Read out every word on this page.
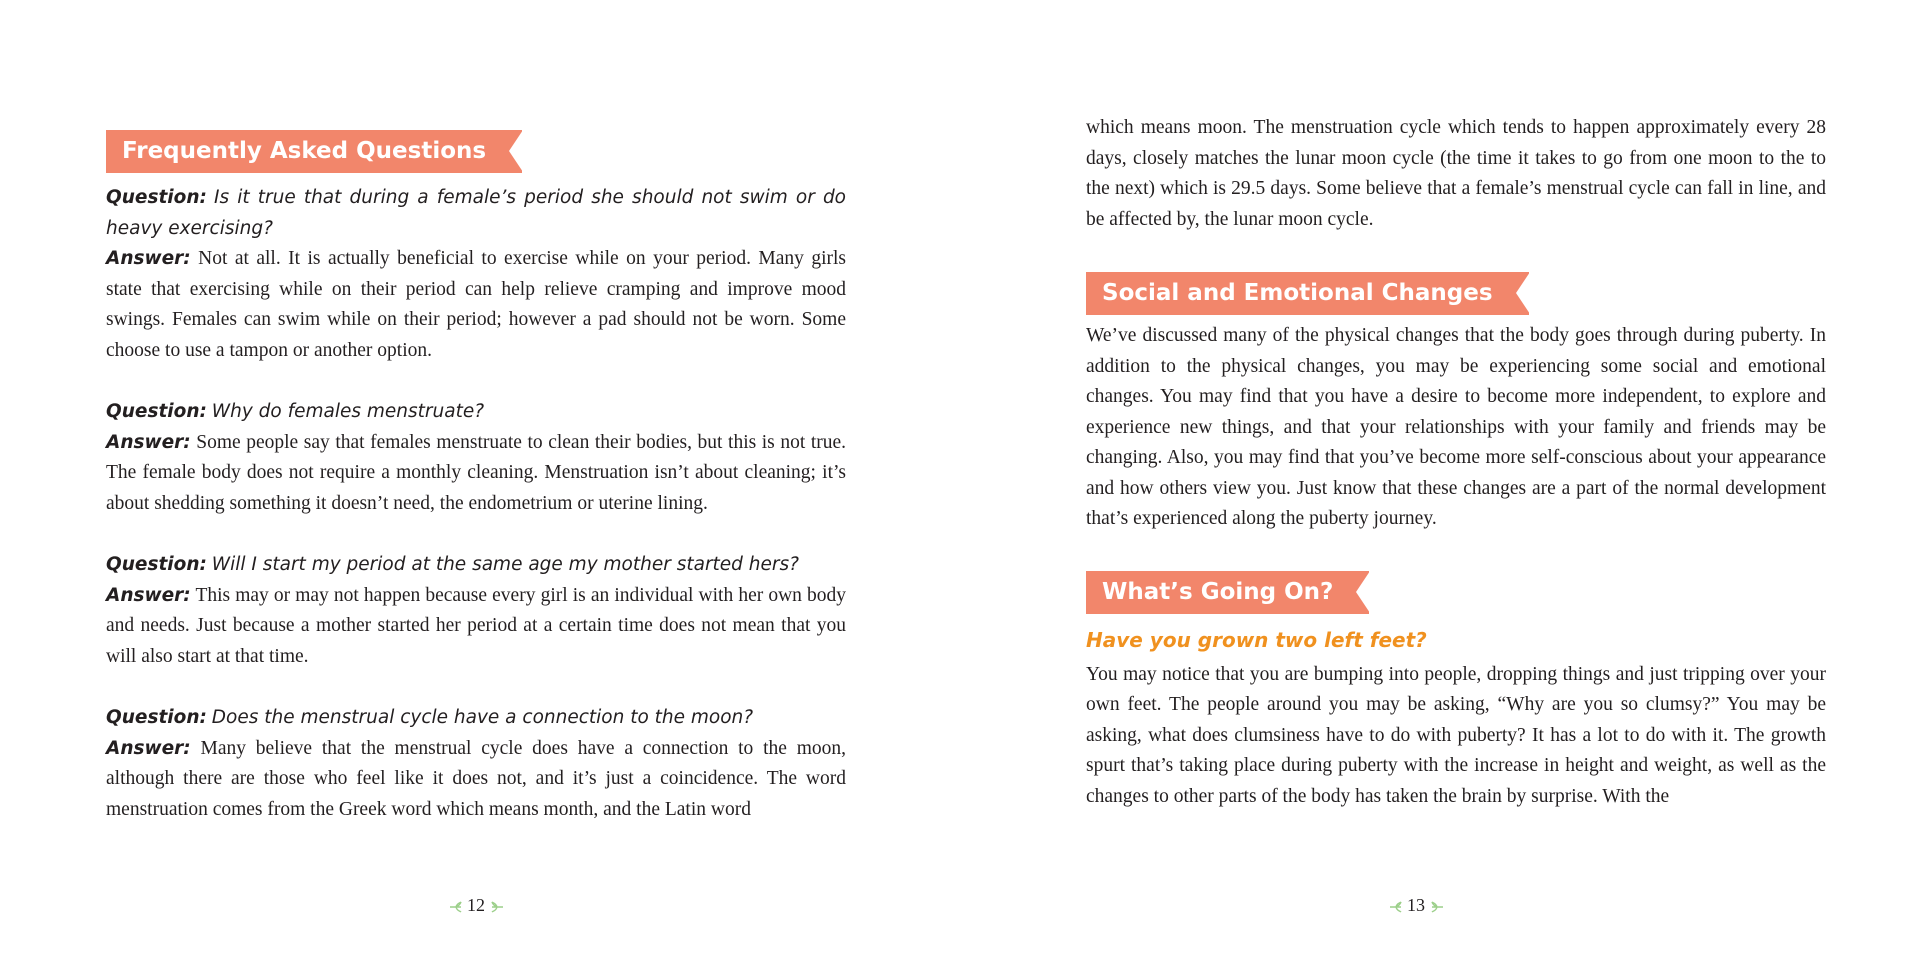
Frequently Asked Questions

Question: Is it true that during a female’s period she should not swim or do heavy exercising?

Answer: Not at all. It is actually beneficial to exercise while on your period. Many girls state that exercising while on their period can help relieve cramping and improve mood swings. Females can swim while on their period; however a pad should not be worn. Some choose to use a tampon or another option.

Question: Why do females menstruate?

Answer: Some people say that females menstruate to clean their bodies, but this is not true. The female body does not require a monthly cleaning. Menstruation isn’t about cleaning; it’s about shedding something it doesn’t need, the endometrium or uterine lining.

Question: Will I start my period at the same age my mother started hers?

Answer: This may or may not happen because every girl is an individual with her own body and needs. Just because a mother started her period at a certain time does not mean that you will also start at that time.

Question: Does the menstrual cycle have a connection to the moon?

Answer: Many believe that the menstrual cycle does have a connection to the moon, although there are those who feel like it does not, and it’s just a coincidence. The word menstruation comes from the Greek word which means month, and the Latin word

12

which means moon. The menstruation cycle which tends to happen approximately every 28 days, closely matches the lunar moon cycle (the time it takes to go from one moon to the to the next) which is 29.5 days. Some believe that a female’s menstrual cycle can fall in line, and be affected by, the lunar moon cycle.

Social and Emotional Changes

We’ve discussed many of the physical changes that the body goes through during puberty. In addition to the physical changes, you may be experiencing some social and emotional changes. You may find that you have a desire to become more independent, to explore and experience new things, and that your relationships with your family and friends may be changing. Also, you may find that you’ve become more self-conscious about your appearance and how others view you. Just know that these changes are a part of the normal development that’s experienced along the puberty journey.

What’s Going On?
Have you grown two left feet?

You may notice that you are bumping into people, dropping things and just tripping over your own feet. The people around you may be asking, “Why are you so clumsy?” You may be asking, what does clumsiness have to do with puberty? It has a lot to do with it. The growth spurt that’s taking place during puberty with the increase in height and weight, as well as the changes to other parts of the body has taken the brain by surprise. With the

13
